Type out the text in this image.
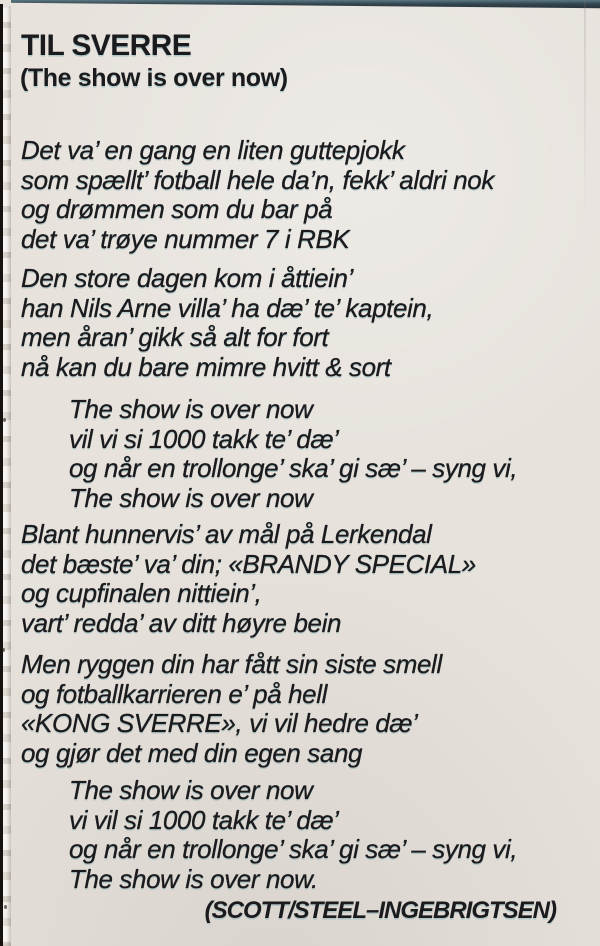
TIL SVERRE
(The show is over now)
Det va’ en gang en liten guttepjokk
som spællt’ fotball hele da’n, fekk’ aldri nok
og drømmen som du bar på
det va’ trøye nummer 7 i RBK
Den store dagen kom i åttiein’
han Nils Arne villa’ ha dæ’ te’ kaptein,
men åran’ gikk så alt for fort
nå kan du bare mimre hvitt & sort
The show is over now
vil vi si 1000 takk te’ dæ’
og når en trollonge’ ska’ gi sæ’ – syng vi,
The show is over now
Blant hunnervis’ av mål på Lerkendal
det bæste’ va’ din; «BRANDY SPECIAL»
og cupfinalen nittiein’,
vart’ redda’ av ditt høyre bein
Men ryggen din har fått sin siste smell
og fotballkarrieren e’ på hell
«KONG SVERRE», vi vil hedre dæ’
og gjør det med din egen sang
The show is over now
vi vil si 1000 takk te’ dæ’
og når en trollonge’ ska’ gi sæ’ – syng vi,
The show is over now.
(SCOTT/STEEL–INGEBRIGTSEN)
